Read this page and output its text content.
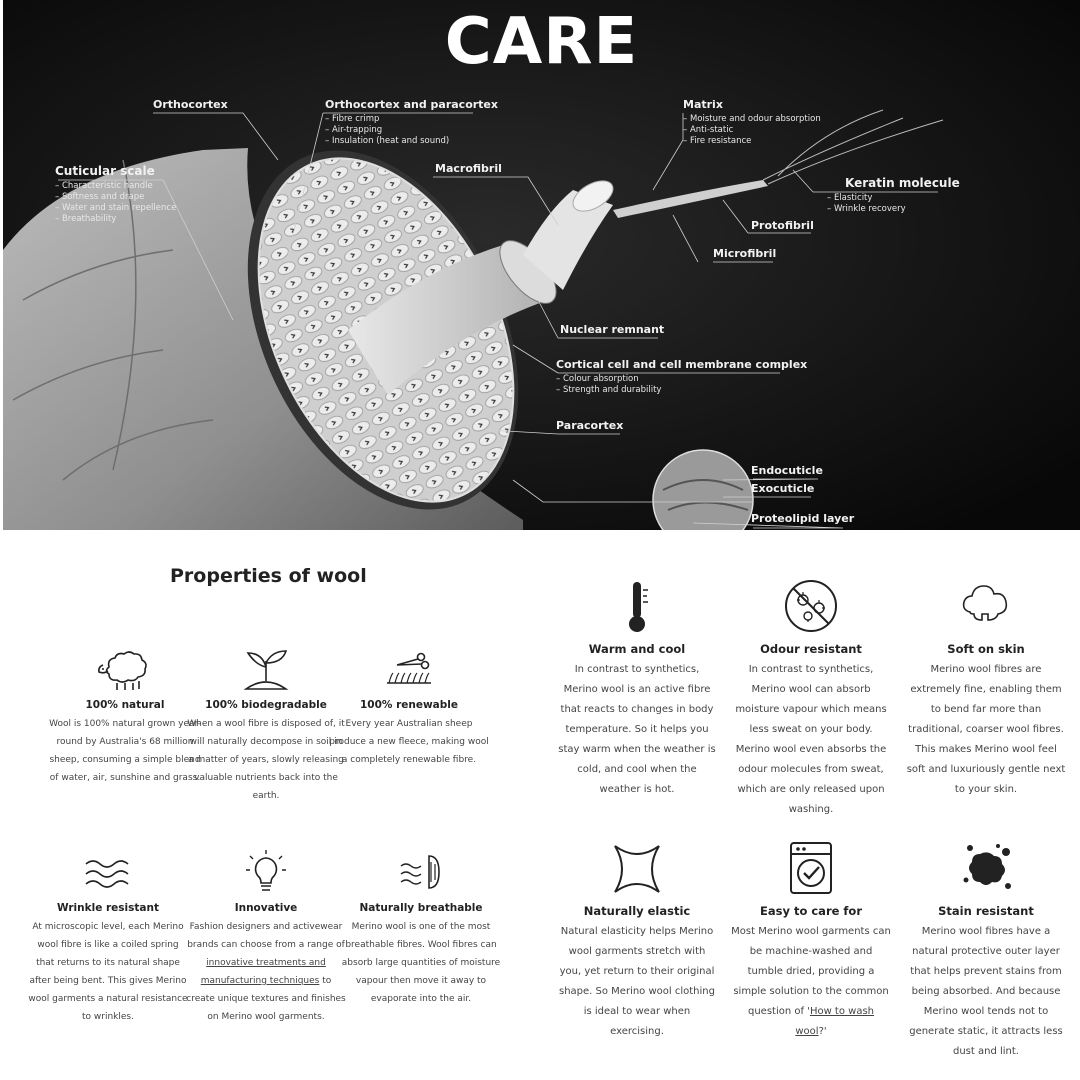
CARE
Orthocortex	Orthocortex and paracortex
– Fibre crimp
– Air-trapping
– Insulation (heat and sound)
Cuticular scale
– Characteristic handle
– Softness and drape
– Water and stain repellence
– Breathability
Macrofibril
Matrix
– Moisture and odour absorption
– Anti-static
– Fire resistance
Keratin molecule
– Elasticity
– Wrinkle recovery
Protofibril
Microfibril
Nuclear remnant
Cortical cell and cell membrane complex
– Colour absorption
– Strength and durability
Paracortex
Endocuticle
Exocuticle
Proteolipid layer
Properties of wool
100% natural

Wool is 100% natural grown year-round by Australia's 68 million sheep, consuming a simple blend of water, air, sunshine and grass.

100% biodegradable

When a wool fibre is disposed of, it will naturally decompose in soil in a matter of years, slowly releasing valuable nutrients back into the earth.

100% renewable

Every year Australian sheep produce a new fleece, making wool a completely renewable fibre.

Wrinkle resistant

At microscopic level, each Merino wool fibre is like a coiled spring that returns to its natural shape after being bent. This gives Merino wool garments a natural resistance to wrinkles.

Innovative

Fashion designers and activewear brands can choose from a range of innovative treatments and manufacturing techniques to create unique textures and finishes on Merino wool garments.

Naturally breathable

Merino wool is one of the most breathable fibres. Wool fibres can absorb large quantities of moisture vapour then move it away to evaporate into the air.

Warm and cool

In contrast to synthetics, Merino wool is an active fibre that reacts to changes in body temperature. So it helps you stay warm when the weather is cold, and cool when the weather is hot.

Odour resistant

In contrast to synthetics, Merino wool can absorb moisture vapour which means less sweat on your body. Merino wool even absorbs the odour molecules from sweat, which are only released upon washing.

Soft on skin

Merino wool fibres are extremely fine, enabling them to bend far more than traditional, coarser wool fibres. This makes Merino wool feel soft and luxuriously gentle next to your skin.

Naturally elastic

Natural elasticity helps Merino wool garments stretch with you, yet return to their original shape. So Merino wool clothing is ideal to wear when exercising.

Easy to care for

Most Merino wool garments can be machine-washed and tumble dried, providing a simple solution to the common question of 'How to wash wool?'

Stain resistant

Merino wool fibres have a natural protective outer layer that helps prevent stains from being absorbed. And because Merino wool tends not to generate static, it attracts less dust and lint.
